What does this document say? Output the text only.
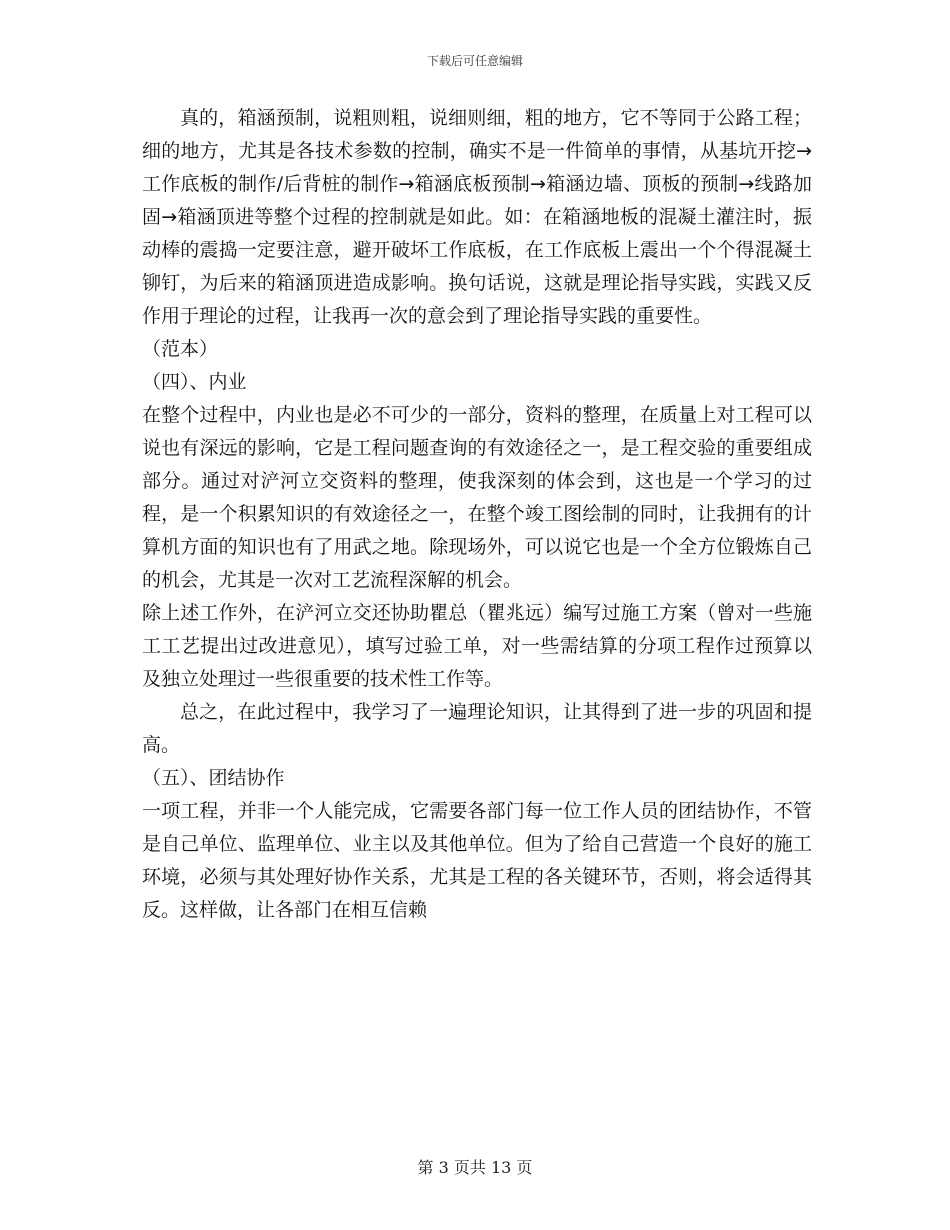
下载后可任意编辑

真的，箱涵预制，说粗则粗，说细则细，粗的地方，它不等同于公路工程；细的地方，尤其是各技术参数的控制，确实不是一件简单的事情，从基坑开挖→工作底板的制作/后背桩的制作→箱涵底板预制→箱涵边墙、顶板的预制→线路加固→箱涵顶进等整个过程的控制就是如此。如：在箱涵地板的混凝土灌注时，振动棒的震捣一定要注意，避开破坏工作底板，在工作底板上震出一个个得混凝土铆钉，为后来的箱涵顶进造成影响。换句话说，这就是理论指导实践，实践又反作用于理论的过程，让我再一次的意会到了理论指导实践的重要性。

（范本）

（四）、内业

在整个过程中，内业也是必不可少的一部分，资料的整理，在质量上对工程可以说也有深远的影响，它是工程问题查询的有效途径之一，是工程交验的重要组成部分。通过对浐河立交资料的整理，使我深刻的体会到，这也是一个学习的过程，是一个积累知识的有效途径之一，在整个竣工图绘制的同时，让我拥有的计算机方面的知识也有了用武之地。除现场外，可以说它也是一个全方位锻炼自己的机会，尤其是一次对工艺流程深解的机会。

除上述工作外，在浐河立交还协助瞿总（瞿兆远）编写过施工方案（曾对一些施工工艺提出过改进意见），填写过验工单，对一些需结算的分项工程作过预算以及独立处理过一些很重要的技术性工作等。

总之，在此过程中，我学习了一遍理论知识，让其得到了进一步的巩固和提高。

（五）、团结协作

一项工程，并非一个人能完成，它需要各部门每一位工作人员的团结协作，不管是自己单位、监理单位、业主以及其他单位。但为了给自己营造一个良好的施工环境，必须与其处理好协作关系，尤其是工程的各关键环节，否则，将会适得其反。这样做，让各部门在相互信赖

第 3 页共 13 页
